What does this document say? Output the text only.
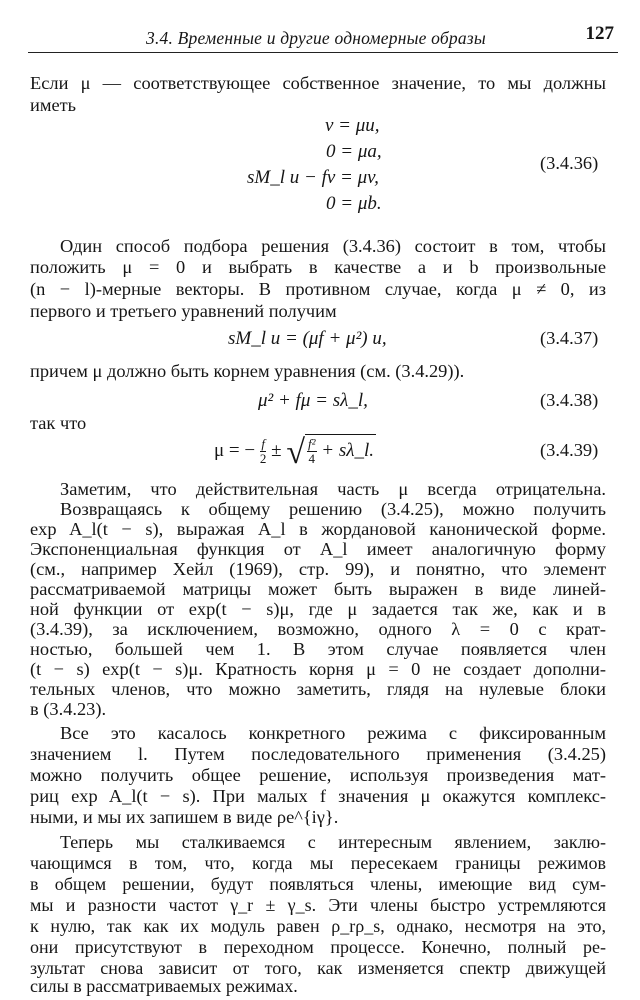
3.4. Временные и другие одномерные образы	127
Если μ — соответствующее собственное значение, то мы должны
иметь
v = μu,
0 = μa,
sM_l u − fv = μv,
0 = μb.
(3.4.36)
Один способ подбора решения (3.4.36) состоит в том, чтобы
положить μ = 0 и выбрать в качестве a и b произвольные
(n − l)-мерные векторы. В противном случае, когда μ ≠ 0, из
первого и третьего уравнений получим
sM_l u = (μf + μ²) u,	(3.4.37)
причем μ должно быть корнем уравнения (см. (3.4.29)).
μ² + fμ = sλ_l,	(3.4.38)
так что
μ = − $\frac{f}{2}$ ± √ $\frac{\text{f²}}{4}$ + sλ_l.	(3.4.39)
Заметим, что действительная часть μ всегда отрицательна.
Возвращаясь к общему решению (3.4.25), можно получить
exp A_l(t − s), выражая A_l в жордановой канонической форме.
Экспоненциальная функция от A_l имеет аналогичную форму
(см., например Хейл (1969), стр. 99), и понятно, что элемент
рассматриваемой матрицы может быть выражен в виде линей-
ной функции от exp(t − s)μ, где μ задается так же, как и в
(3.4.39), за исключением, возможно, одного λ = 0 с крат-
ностью, большей чем 1. В этом случае появляется член
(t − s) exp(t − s)μ. Кратность корня μ = 0 не создает дополни-
тельных членов, что можно заметить, глядя на нулевые блоки
в (3.4.23).
Все это касалось конкретного режима с фиксированным
значением l. Путем последовательного применения (3.4.25)
можно получить общее решение, используя произведения мат-
риц exp A_l(t − s). При малых f значения μ окажутся комплекс-
ными, и мы их запишем в виде ρe^{iγ}.
Теперь мы сталкиваемся с интересным явлением, заклю-
чающимся в том, что, когда мы пересекаем границы режимов
в общем решении, будут появляться члены, имеющие вид сум-
мы и разности частот γ_r ± γ_s. Эти члены быстро устремляются
к нулю, так как их модуль равен ρ_rρ_s, однако, несмотря на это,
они присутствуют в переходном процессе. Конечно, полный ре-
зультат снова зависит от того, как изменяется спектр движущей
силы в рассматриваемых режимах.
